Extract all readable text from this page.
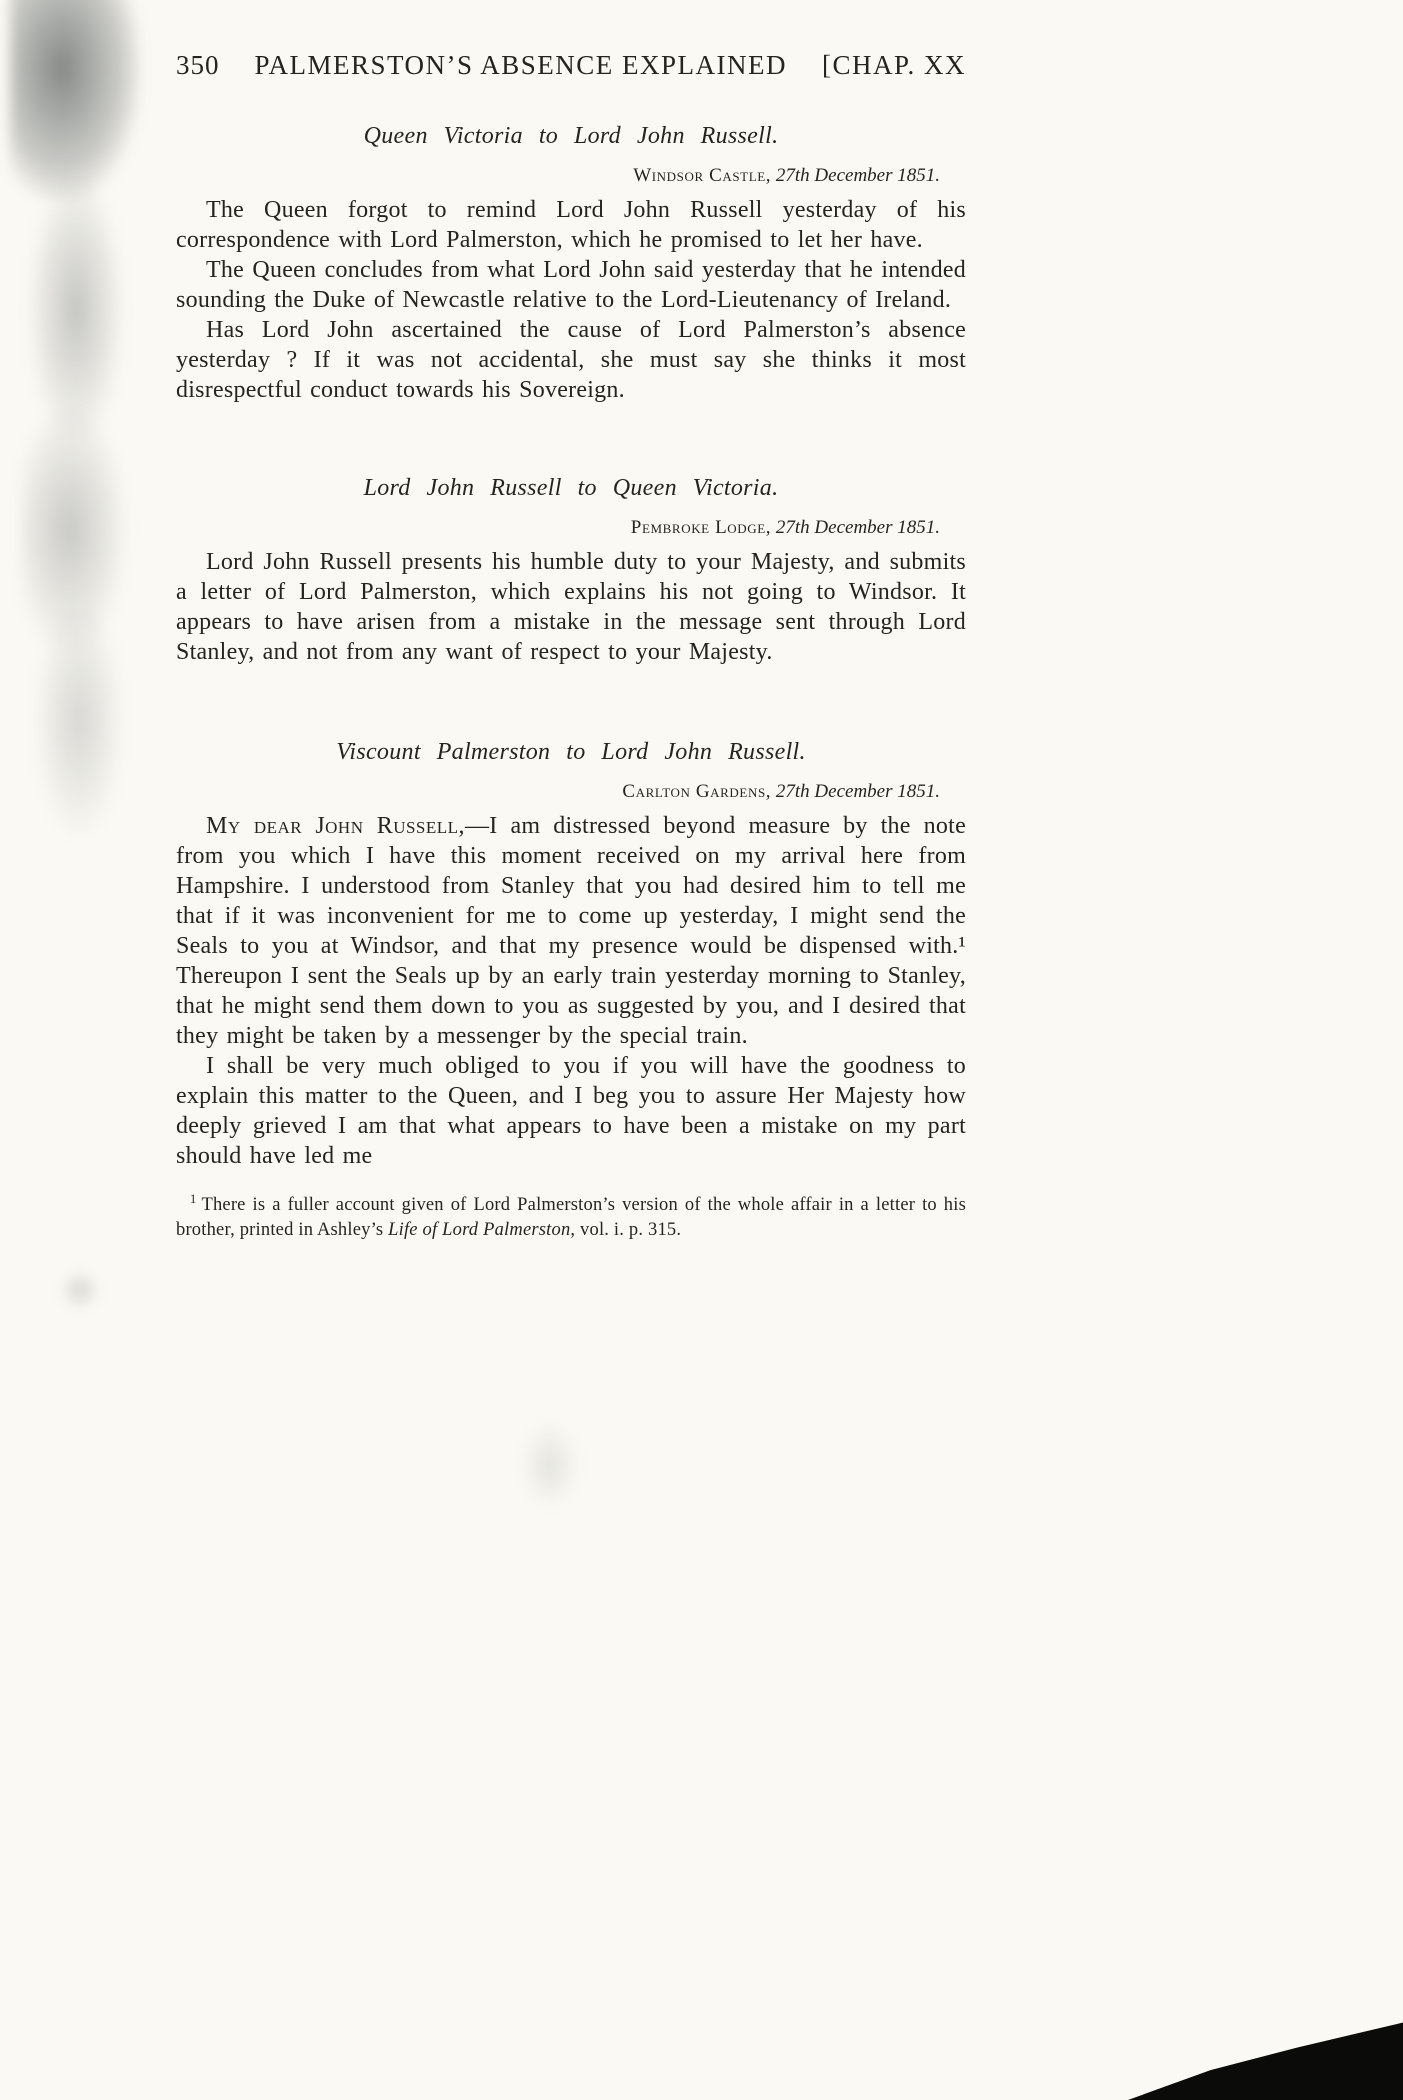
350 PALMERSTON’S ABSENCE EXPLAINED [CHAP. XX
Queen Victoria to Lord John Russell.
Windsor Castle, 27th December 1851.

The Queen forgot to remind Lord John Russell yesterday of his correspondence with Lord Palmerston, which he promised to let her have.

The Queen concludes from what Lord John said yesterday that he intended sounding the Duke of Newcastle relative to the Lord-Lieutenancy of Ireland.

Has Lord John ascertained the cause of Lord Palmerston’s absence yesterday ? If it was not accidental, she must say she thinks it most disrespectful conduct towards his Sovereign.

Lord John Russell to Queen Victoria.
Pembroke Lodge, 27th December 1851.

Lord John Russell presents his humble duty to your Majesty, and submits a letter of Lord Palmerston, which explains his not going to Windsor. It appears to have arisen from a mistake in the message sent through Lord Stanley, and not from any want of respect to your Majesty.

Viscount Palmerston to Lord John Russell.
Carlton Gardens, 27th December 1851.

My dear John Russell,—I am distressed beyond measure by the note from you which I have this moment received on my arrival here from Hampshire. I understood from Stanley that you had desired him to tell me that if it was inconvenient for me to come up yesterday, I might send the Seals to you at Windsor, and that my presence would be dispensed with.¹ Thereupon I sent the Seals up by an early train yesterday morning to Stanley, that he might send them down to you as suggested by you, and I desired that they might be taken by a messenger by the special train.

I shall be very much obliged to you if you will have the goodness to explain this matter to the Queen, and I beg you to assure Her Majesty how deeply grieved I am that what appears to have been a mistake on my part should have led me

$^1$ There is a fuller account given of Lord Palmerston’s version of the whole affair in a letter to his brother, printed in Ashley’s Life of Lord Palmerston, vol. i. p. 315.
